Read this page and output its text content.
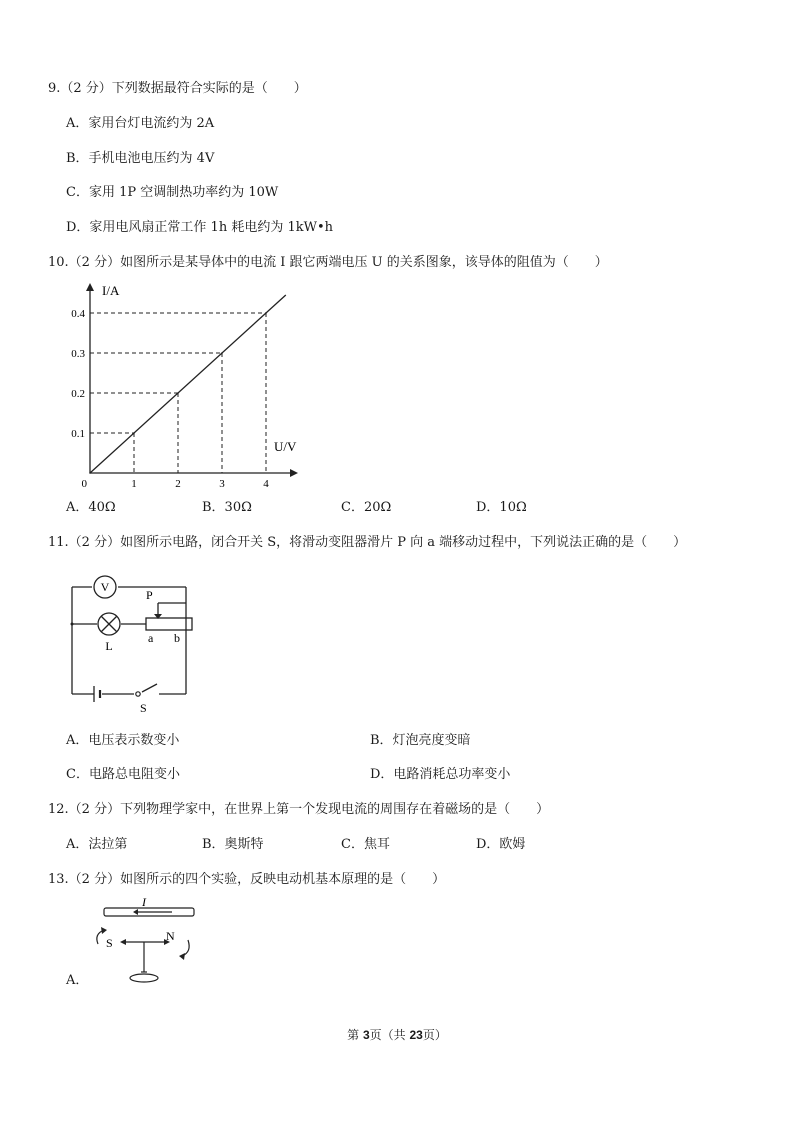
9.（2 分）下列数据最符合实际的是（　　）
A．家用台灯电流约为 2A
B．手机电池电压约为 4V
C．家用 1P 空调制热功率约为 10W
D．家用电风扇正常工作 1h 耗电约为 1kW•h
10.（2 分）如图所示是某导体中的电流 I 跟它两端电压 U 的关系图象，该导体的阻值为（　　）
1	2	3	4
0.1
0.2
0.3
0.4
0
I/A
U/V
A．40Ω	B．30Ω	C．20Ω	D．10Ω
11.（2 分）如图所示电路，闭合开关 S，将滑动变阻器滑片 P 向 a 端移动过程中，下列说法正确的是（　　）
V
P
L
a b
S
A．电压表示数变小	B．灯泡亮度变暗
C．电路总电阻变小	D．电路消耗总功率变小
12.（2 分）下列物理学家中，在世界上第一个发现电流的周围存在着磁场的是（　　）
A．法拉第	B．奥斯特	C．焦耳	D．欧姆
13.（2 分）如图所示的四个实验，反映电动机基本原理的是（　　）
I
S	N
A．
第 3页（共 23页）
